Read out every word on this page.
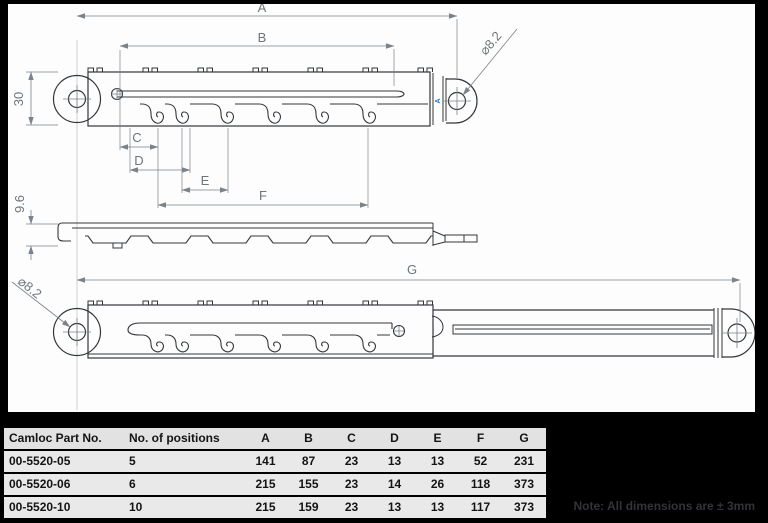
A
A
B
30
C
D
E
F
9.6
G
⌀8.2
⌀8.2
Camloc Part No.	No. of positions	A	B	C	D	E	F	G
00-5520-05	5	141	87	23	13	13	52	231
00-5520-06	6	215	155	23	14	26	118	373
00-5520-10	10	215	159	23	13	13	117	373	Note: All dimensions are ± 3mm
